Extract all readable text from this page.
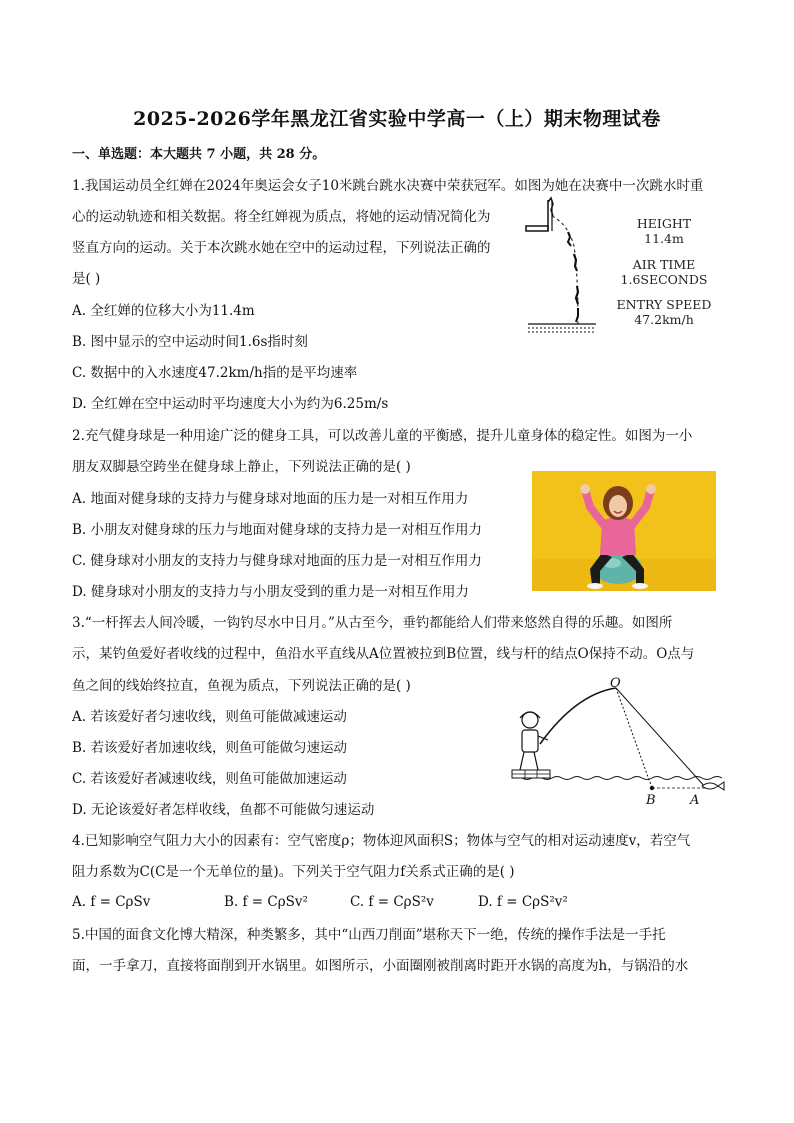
2025-2026学年黑龙江省实验中学高一（上）期末物理试卷
一、单选题：本大题共 7 小题，共 28 分。
1.我国运动员全红婵在2024年奥运会女子10米跳台跳水决赛中荣获冠军。如图为她在决赛中一次跳水时重
心的运动轨迹和相关数据。将全红婵视为质点，将她的运动情况简化为
竖直方向的运动。关于本次跳水她在空中的运动过程，下列说法正确的
是( )
A. 全红婵的位移大小为11.4m
B. 图中显示的空中运动时间1.6s指时刻
C. 数据中的入水速度47.2km/h指的是平均速率
D. 全红婵在空中运动时平均速度大小为约为6.25m/s
HEIGHT
11.4m
AIR TIME
1.6SECONDS
ENTRY SPEED
47.2km/h
2.充气健身球是一种用途广泛的健身工具，可以改善儿童的平衡感，提升儿童身体的稳定性。如图为一小
朋友双脚悬空跨坐在健身球上静止，下列说法正确的是( )
A. 地面对健身球的支持力与健身球对地面的压力是一对相互作用力
B. 小朋友对健身球的压力与地面对健身球的支持力是一对相互作用力
C. 健身球对小朋友的支持力与健身球对地面的压力是一对相互作用力
D. 健身球对小朋友的支持力与小朋友受到的重力是一对相互作用力
3.“一杆挥去人间冷暖，一钩钓尽水中日月。”从古至今，垂钓都能给人们带来悠然自得的乐趣。如图所
示，某钓鱼爱好者收线的过程中，鱼沿水平直线从A位置被拉到B位置，线与杆的结点O保持不动。O点与
鱼之间的线始终拉直，鱼视为质点，下列说法正确的是( )
A. 若该爱好者匀速收线，则鱼可能做减速运动
B. 若该爱好者加速收线，则鱼可能做匀速运动
C. 若该爱好者减速收线，则鱼可能做加速运动
D. 无论该爱好者怎样收线，鱼都不可能做匀速运动
O
B	A
4.已知影响空气阻力大小的因素有：空气密度ρ；物体迎风面积S；物体与空气的相对运动速度v，若空气
阻力系数为C(C是一个无单位的量)。下列关于空气阻力f关系式正确的是( )
A. f = CρSv	B. f = CρSv²	C. f = CρS²v	D. f = CρS²v²
5.中国的面食文化博大精深，种类繁多，其中“山西刀削面”堪称天下一绝，传统的操作手法是一手托
面，一手拿刀，直接将面削到开水锅里。如图所示，小面圈刚被削离时距开水锅的高度为h，与锅沿的水
